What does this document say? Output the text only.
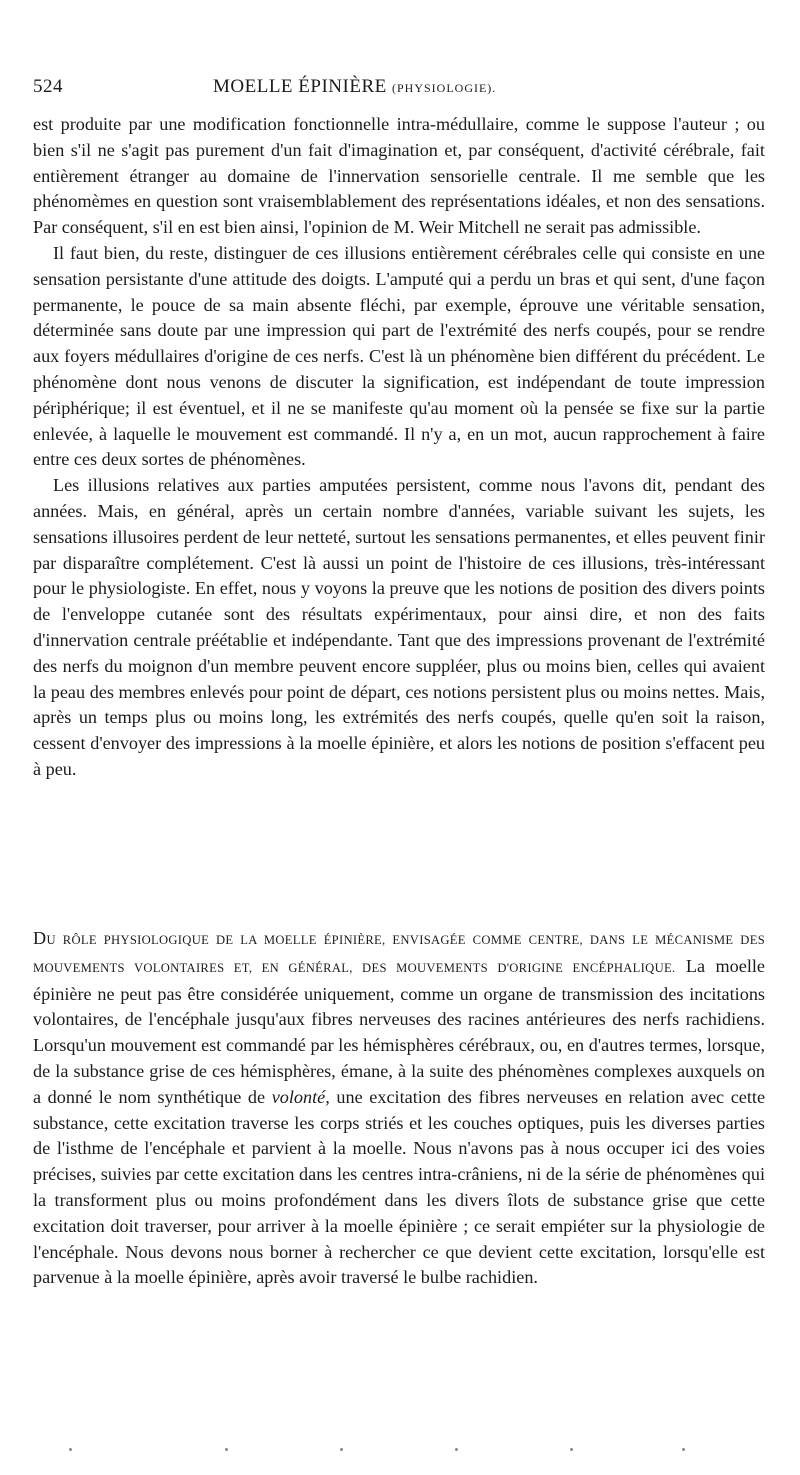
524	MOELLE ÉPINIÈRE (PHYSIOLOGIE).

est produite par une modification fonctionnelle intra-médullaire, comme le suppose l'auteur ; ou bien s'il ne s'agit pas purement d'un fait d'imagination et, par conséquent, d'activité cérébrale, fait entièrement étranger au domaine de l'innervation sensorielle centrale. Il me semble que les phénomèmes en question sont vraisemblablement des représentations idéales, et non des sensations. Par conséquent, s'il en est bien ainsi, l'opinion de M. Weir Mitchell ne serait pas admissible.

Il faut bien, du reste, distinguer de ces illusions entièrement cérébrales celle qui consiste en une sensation persistante d'une attitude des doigts. L'amputé qui a perdu un bras et qui sent, d'une façon permanente, le pouce de sa main absente fléchi, par exemple, éprouve une véritable sensation, déterminée sans doute par une impression qui part de l'extrémité des nerfs coupés, pour se rendre aux foyers médullaires d'origine de ces nerfs. C'est là un phénomène bien différent du précédent. Le phénomène dont nous venons de discuter la signification, est indépendant de toute impression périphérique; il est éventuel, et il ne se manifeste qu'au moment où la pensée se fixe sur la partie enlevée, à laquelle le mouvement est commandé. Il n'y a, en un mot, aucun rapprochement à faire entre ces deux sortes de phénomènes.

Les illusions relatives aux parties amputées persistent, comme nous l'avons dit, pendant des années. Mais, en général, après un certain nombre d'années, variable suivant les sujets, les sensations illusoires perdent de leur netteté, surtout les sensations permanentes, et elles peuvent finir par disparaître complétement. C'est là aussi un point de l'histoire de ces illusions, très-intéressant pour le physiologiste. En effet, nous y voyons la preuve que les notions de position des divers points de l'enveloppe cutanée sont des résultats expérimentaux, pour ainsi dire, et non des faits d'innervation centrale préétablie et indépendante. Tant que des impressions provenant de l'extrémité des nerfs du moignon d'un membre peuvent encore suppléer, plus ou moins bien, celles qui avaient la peau des membres enlevés pour point de départ, ces notions persistent plus ou moins nettes. Mais, après un temps plus ou moins long, les extrémités des nerfs coupés, quelle qu'en soit la raison, cessent d'envoyer des impressions à la moelle épinière, et alors les notions de position s'effacent peu à peu.

DU RÔLE PHYSIOLOGIQUE DE LA MOELLE ÉPINIÈRE, ENVISAGÉE COMME CENTRE, DANS LE MÉCANISME DES MOUVEMENTS VOLONTAIRES ET, EN GÉNÉRAL, DES MOUVEMENTS D'ORIGINE ENCÉPHALIQUE. La moelle épinière ne peut pas être considérée uniquement, comme un organe de transmission des incitations volontaires, de l'encéphale jusqu'aux fibres nerveuses des racines antérieures des nerfs rachidiens. Lorsqu'un mouvement est commandé par les hémisphères cérébraux, ou, en d'autres termes, lorsque, de la substance grise de ces hémisphères, émane, à la suite des phénomènes complexes auxquels on a donné le nom synthétique de volonté, une excitation des fibres nerveuses en relation avec cette substance, cette excitation traverse les corps striés et les couches optiques, puis les diverses parties de l'isthme de l'encéphale et parvient à la moelle. Nous n'avons pas à nous occuper ici des voies précises, suivies par cette excitation dans les centres intra-crâniens, ni de la série de phénomènes qui la transforment plus ou moins profondément dans les divers îlots de substance grise que cette excitation doit traverser, pour arriver à la moelle épinière ; ce serait empiéter sur la physiologie de l'encéphale. Nous devons nous borner à rechercher ce que devient cette excitation, lorsqu'elle est parvenue à la moelle épinière, après avoir traversé le bulbe rachidien.
